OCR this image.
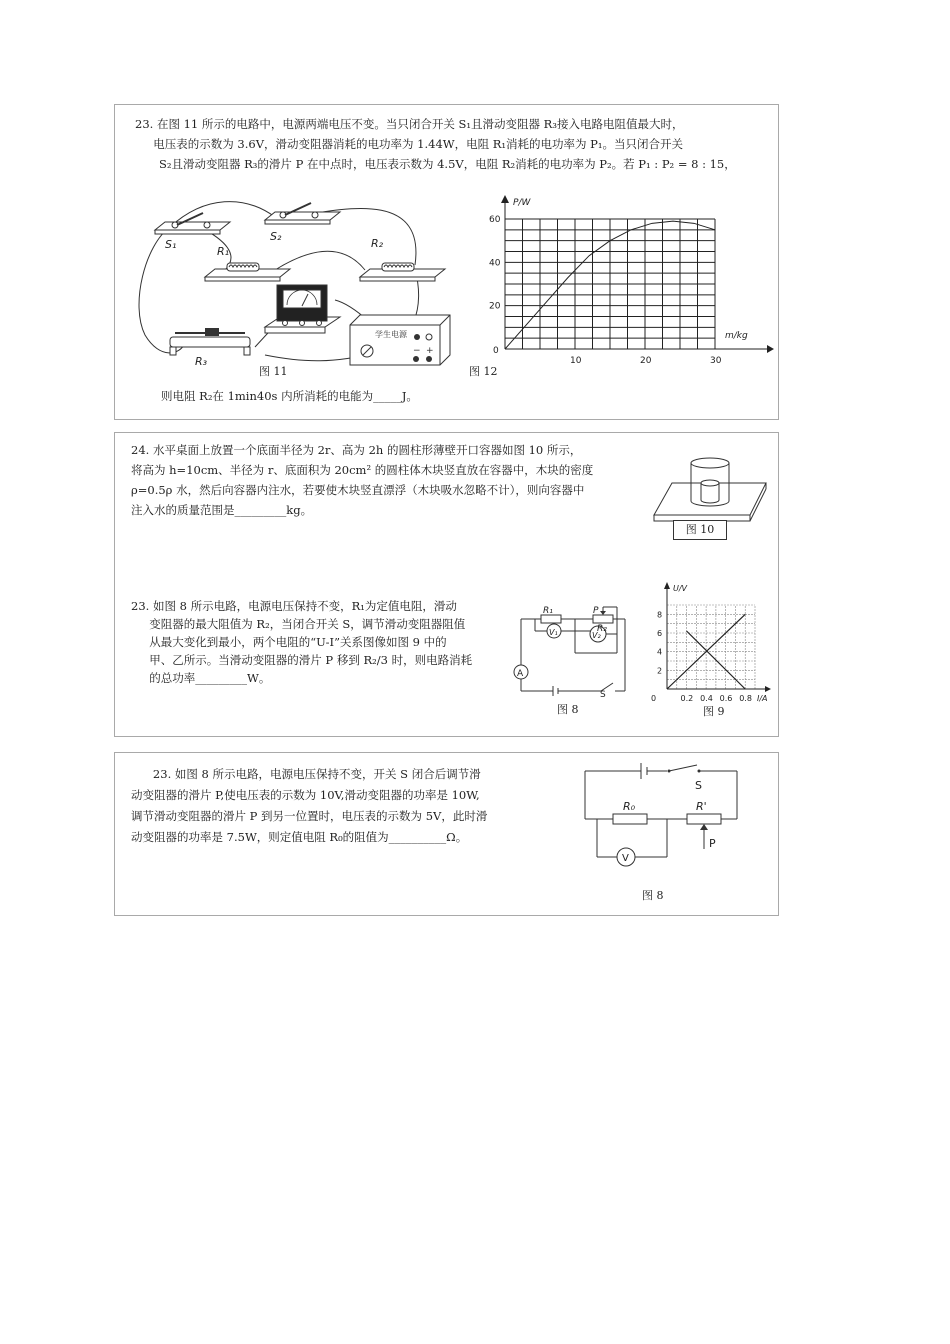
23. 在图 11 所示的电路中，电源两端电压不变。当只闭合开关 S₁且滑动变阻器 R₃接入电路电阻值最大时，
电压表的示数为 3.6V，滑动变阻器消耗的电功率为 1.44W，电阻 R₁消耗的电功率为 P₁。当只闭合开关
S₂且滑动变阻器 R₃的滑片 P 在中点时，电压表示数为 4.5V，电阻 R₂消耗的电功率为 P₂。若 P₁ : P₂ = 8 : 15，
学生电源
− +
S₁
S₂
R₁
R₂
R₃
图 11
10	20	30
20
40
60
0
P/W
m/kg
图 12
则电阻 R₂在 1min40s 内所消耗的电能为_____J。
24. 水平桌面上放置一个底面半径为 2r、高为 2h 的圆柱形薄壁开口容器如图 10 所示，
将高为 h=10cm、半径为 r、底面积为 20cm² 的圆柱体木块竖直放在容器中，木块的密度
ρ=0.5ρ 水，然后向容器内注水，若要使木块竖直漂浮（木块吸水忽略不计），则向容器中
注入水的质量范围是_________kg。
图 10
23. 如图 8 所示电路，电源电压保持不变，R₁为定值电阻，滑动
变阻器的最大阻值为 R₂，当闭合开关 S，调节滑动变阻器阻值
从最大变化到最小，两个电阻的“U-I”关系图像如图 9 中的
甲、乙所示。当滑动变阻器的滑片 P 移到 R₂/3 时，则电路消耗
的总功率_________W。	A
V₁	V₂
R₁	P
R₂
S
图 8
2
4
6
8
0.2 0.4 0.6 0.8
0
U/V
I/A
图 9
23. 如图 8 所示电路，电源电压保持不变，开关 S 闭合后调节滑
动变阻器的滑片 P,使电压表的示数为 10V,滑动变阻器的功率是 10W,
调节滑动变阻器的滑片 P 到另一位置时，电压表的示数为 5V，此时滑
动变阻器的功率是 7.5W，则定值电阻 R₀的阻值为__________Ω。
V
S
R₀	R'
P
图 8
